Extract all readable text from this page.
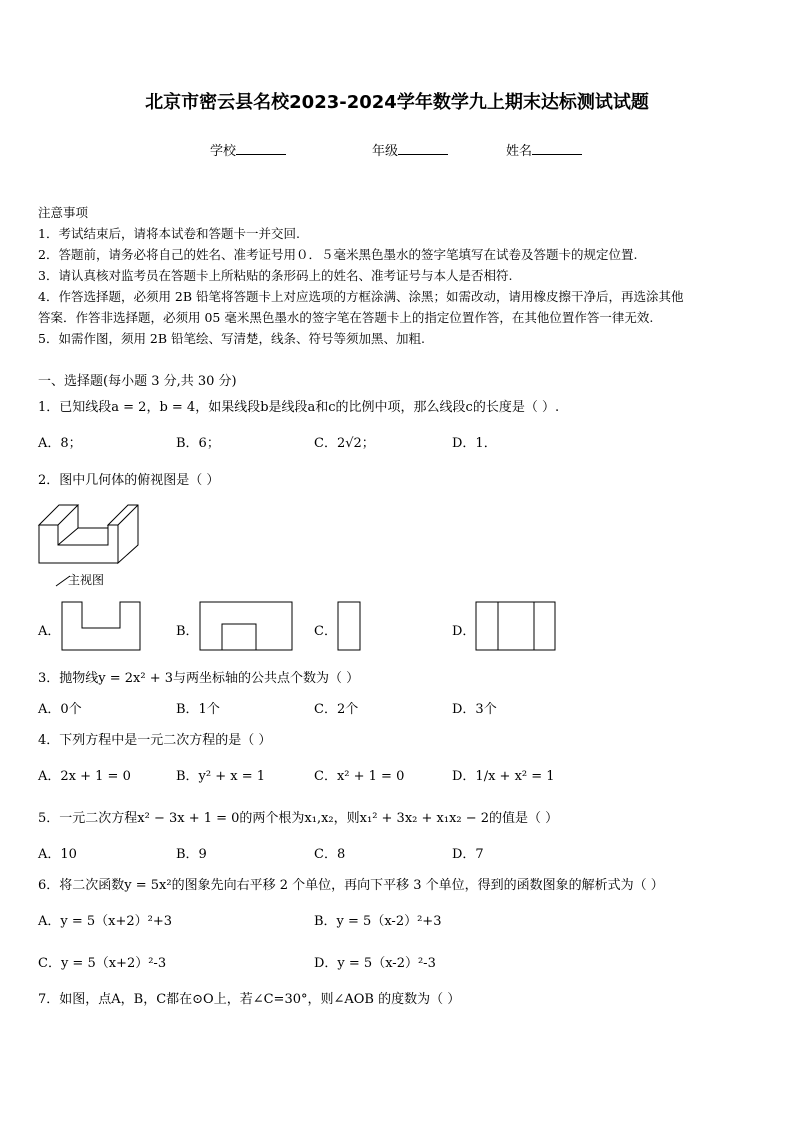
北京市密云县名校2023-2024学年数学九上期末达标测试试题
学校	年级	姓名
注意事项
1．考试结束后，请将本试卷和答题卡一并交回.
2．答题前，请务必将自己的姓名、准考证号用０．５毫米黑色墨水的签字笔填写在试卷及答题卡的规定位置.
3．请认真核对监考员在答题卡上所粘贴的条形码上的姓名、准考证号与本人是否相符.
4．作答选择题，必须用 2B 铅笔将答题卡上对应选项的方框涂满、涂黑；如需改动，请用橡皮擦干净后，再选涂其他
答案．作答非选择题，必须用 05 毫米黑色墨水的签字笔在答题卡上的指定位置作答，在其他位置作答一律无效.
5．如需作图，须用 2B 铅笔绘、写清楚，线条、符号等须加黑、加粗.
一、选择题(每小题 3 分,共 30 分)
1．已知线段a = 2，b = 4，如果线段b是线段a和c的比例中项，那么线段c的长度是（ ）.
A．8；	B．6；	C．2√2；	D．1．
2．图中几何体的俯视图是（ ）
主视图
A．	B．	C．	D．
3．抛物线y = 2x² + 3与两坐标轴的公共点个数为（ ）
A．0个	B．1个	C．2个	D．3个
4．下列方程中是一元二次方程的是（ ）
A．2x + 1 = 0	B．y² + x = 1	C．x² + 1 = 0	D．1/x + x² = 1
5．一元二次方程x² − 3x + 1 = 0的两个根为x₁,x₂，则x₁² + 3x₂ + x₁x₂ − 2的值是（ ）
A．10	B．9	C．8	D．7
6．将二次函数y = 5x²的图象先向右平移 2 个单位，再向下平移 3 个单位，得到的函数图象的解析式为（ ）
A．y = 5（x+2）²+3	B．y = 5（x-2）²+3
C．y = 5（x+2）²-3	D．y = 5（x-2）²-3
7．如图，点A，B，C都在⊙O上，若∠C=30°，则∠AOB 的度数为（ ）
